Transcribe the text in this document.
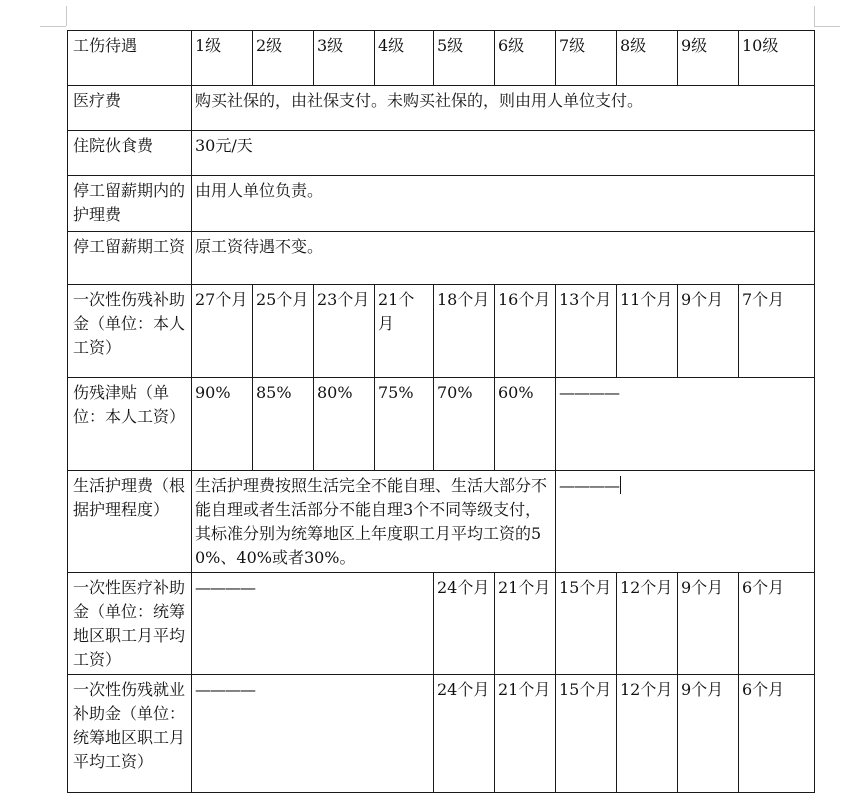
工伤待遇	1级	2级	3级	4级	5级	6级	7级	8级	9级	10级
医疗费	购买社保的，由社保支付。未购买社保的，则由用人单位支付。									
住院伙食费	30元/天									
停工留薪期内的护理费	由用人单位负责。									
停工留薪期工资	原工资待遇不变。									
一次性伤残补助金（单位：本人工资）	27个月	25个月	23个月	21个月	18个月	16个月	13个月	11个月	9个月	7个月
伤残津贴（单位：本人工资）	90%	85%	80%	75%	70%	60%	————			
生活护理费（根据护理程度）	生活护理费按照生活完全不能自理、生活大部分不能自理或者生活部分不能自理3个不同等级支付，其标准分别为统筹地区上年度职工月平均工资的50%、40%或者30%。						————			
一次性医疗补助金（单位：统筹地区职工月平均工资）	————				24个月	21个月	15个月	12个月	9个月	6个月
一次性伤残就业补助金（单位：统筹地区职工月平均工资）	————				24个月	21个月	15个月	12个月	9个月	6个月
